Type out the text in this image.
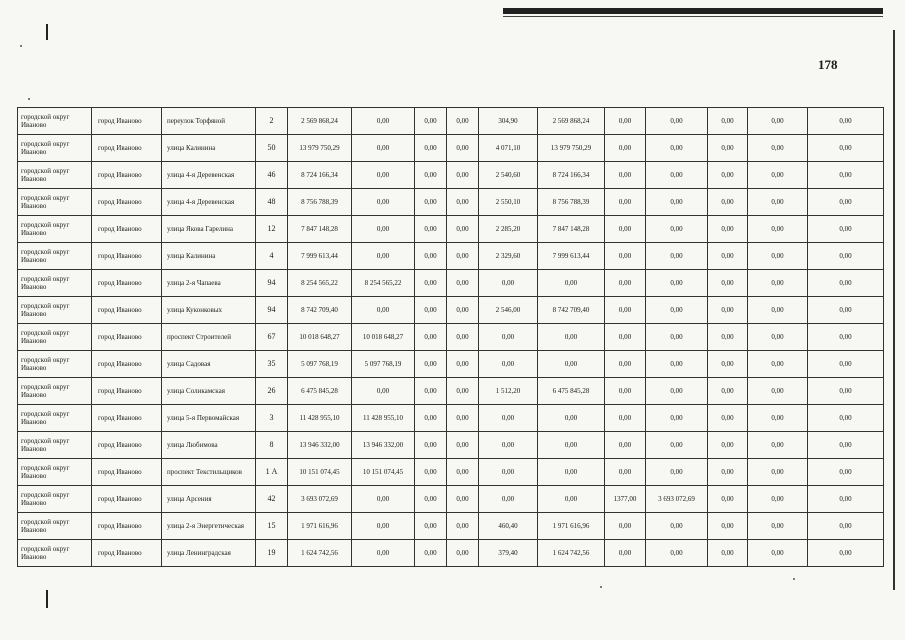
178
городской округ Иваново	город Иваново	переулок Торфяной	2	2 569 868,24	0,00	0,00	0,00	304,90	2 569 868,24	0,00	0,00	0,00	0,00	0,00
городской округ Иваново	город Иваново	улица Калинина	50	13 979 750,29	0,00	0,00	0,00	4 071,10	13 979 750,29	0,00	0,00	0,00	0,00	0,00
городской округ Иваново	город Иваново	улица 4-я Деревенская	46	8 724 166,34	0,00	0,00	0,00	2 540,60	8 724 166,34	0,00	0,00	0,00	0,00	0,00
городской округ Иваново	город Иваново	улица 4-я Деревенская	48	8 756 788,39	0,00	0,00	0,00	2 550,10	8 756 788,39	0,00	0,00	0,00	0,00	0,00
городской округ Иваново	город Иваново	улица Якова Гарелина	12	7 847 148,28	0,00	0,00	0,00	2 285,20	7 847 148,28	0,00	0,00	0,00	0,00	0,00
городской округ Иваново	город Иваново	улица Калинина	4	7 999 613,44	0,00	0,00	0,00	2 329,60	7 999 613,44	0,00	0,00	0,00	0,00	0,00
городской округ Иваново	город Иваново	улица 2-я Чапаева	94	8 254 565,22	8 254 565,22	0,00	0,00	0,00	0,00	0,00	0,00	0,00	0,00	0,00
городской округ Иваново	город Иваново	улица Куконковых	94	8 742 709,40	0,00	0,00	0,00	2 546,00	8 742 709,40	0,00	0,00	0,00	0,00	0,00
городской округ Иваново	город Иваново	проспект Строителей	67	10 018 648,27	10 018 648,27	0,00	0,00	0,00	0,00	0,00	0,00	0,00	0,00	0,00
городской округ Иваново	город Иваново	улица Садовая	35	5 097 768,19	5 097 768,19	0,00	0,00	0,00	0,00	0,00	0,00	0,00	0,00	0,00
городской округ Иваново	город Иваново	улица Соликамская	26	6 475 845,28	0,00	0,00	0,00	1 512,20	6 475 845,28	0,00	0,00	0,00	0,00	0,00
городской округ Иваново	город Иваново	улица 5-я Первомайская	3	11 428 955,10	11 428 955,10	0,00	0,00	0,00	0,00	0,00	0,00	0,00	0,00	0,00
городской округ Иваново	город Иваново	улица Любимова	8	13 946 332,00	13 946 332,00	0,00	0,00	0,00	0,00	0,00	0,00	0,00	0,00	0,00
городской округ Иваново	город Иваново	проспект Текстильщиков	1 А	10 151 074,45	10 151 074,45	0,00	0,00	0,00	0,00	0,00	0,00	0,00	0,00	0,00
городской округ Иваново	город Иваново	улица Арсения	42	3 693 072,69	0,00	0,00	0,00	0,00	0,00	1377,00	3 693 072,69	0,00	0,00	0,00
городской округ Иваново	город Иваново	улица 2-я Энергетическая	15	1 971 616,96	0,00	0,00	0,00	460,40	1 971 616,96	0,00	0,00	0,00	0,00	0,00
городской округ Иваново	город Иваново	улица Ленинградская	19	1 624 742,56	0,00	0,00	0,00	379,40	1 624 742,56	0,00	0,00	0,00	0,00	0,00
